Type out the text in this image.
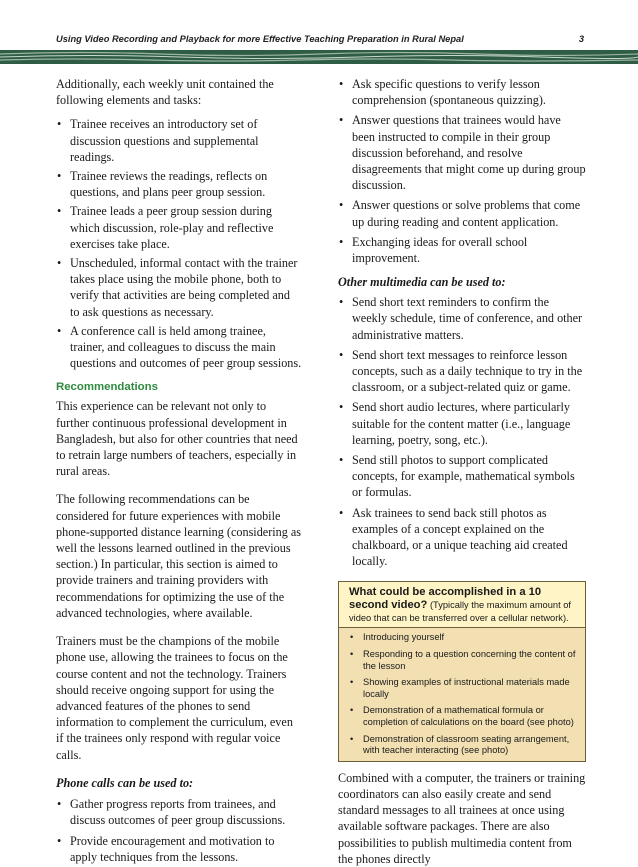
Using Video Recording and Playback for more Effective Teaching Preparation in Rural Nepal	3

Additionally, each weekly unit contained the following elements and tasks:

• Trainee receives an introductory set of discussion questions and supplemental readings.
• Trainee reviews the readings, reflects on questions, and plans peer group session.
• Trainee leads a peer group session during which discussion, role-play and reflective exercises take place.
• Unscheduled, informal contact with the trainer takes place using the mobile phone, both to verify that activities are being completed and to ask questions as necessary.
• A conference call is held among trainee, trainer, and colleagues to discuss the main questions and outcomes of peer group sessions.
Recommendations

This experience can be relevant not only to further continuous professional development in Bangladesh, but also for other countries that need to retrain large numbers of teachers, especially in rural areas.

The following recommendations can be considered for future experiences with mobile phone-supported distance learning (considering as well the lessons learned outlined in the previous section.) In particular, this section is aimed to provide trainers and training providers with recommendations for optimizing the use of the advanced technologies, where available.

Trainers must be the champions of the mobile phone use, allowing the trainees to focus on the course content and not the technology. Trainers should receive ongoing support for using the advanced features of the phones to send information to complement the curriculum, even if the trainees only respond with regular voice calls.

Phone calls can be used to:
• Gather progress reports from trainees, and discuss outcomes of peer group discussions.
• Provide encouragement and motivation to apply techniques from the lessons.
• Ask specific questions to verify lesson comprehension (spontaneous quizzing).
• Answer questions that trainees would have been instructed to compile in their group discussion beforehand, and resolve disagreements that might come up during group discussion.
• Answer questions or solve problems that come up during reading and content application.
• Exchanging ideas for overall school improvement.
Other multimedia can be used to:
• Send short text reminders to confirm the weekly schedule, time of conference, and other administrative matters.
• Send short text messages to reinforce lesson concepts, such as a daily technique to try in the classroom, or a subject-related quiz or game.
• Send short audio lectures, where particularly suitable for the content matter (i.e., language learning, poetry, song, etc.).
• Send still photos to support complicated concepts, for example, mathematical symbols or formulas.
• Ask trainees to send back still photos as examples of a concept explained on the chalkboard, or a unique teaching aid created locally.
What could be accomplished in a 10 second video? (Typically the maximum amount of video that can be transferred over a cellular network).
• Introducing yourself
• Responding to a question concerning the content of the lesson
• Showing examples of instructional materials made locally
• Demonstration of a mathematical formula or completion of calculations on the board (see photo)
• Demonstration of classroom seating arrangement, with teacher interacting (see photo)

Combined with a computer, the trainers or training coordinators can also easily create and send standard messages to all trainees at once using available software packages. There are also possibilities to publish multimedia content from the phones directly
